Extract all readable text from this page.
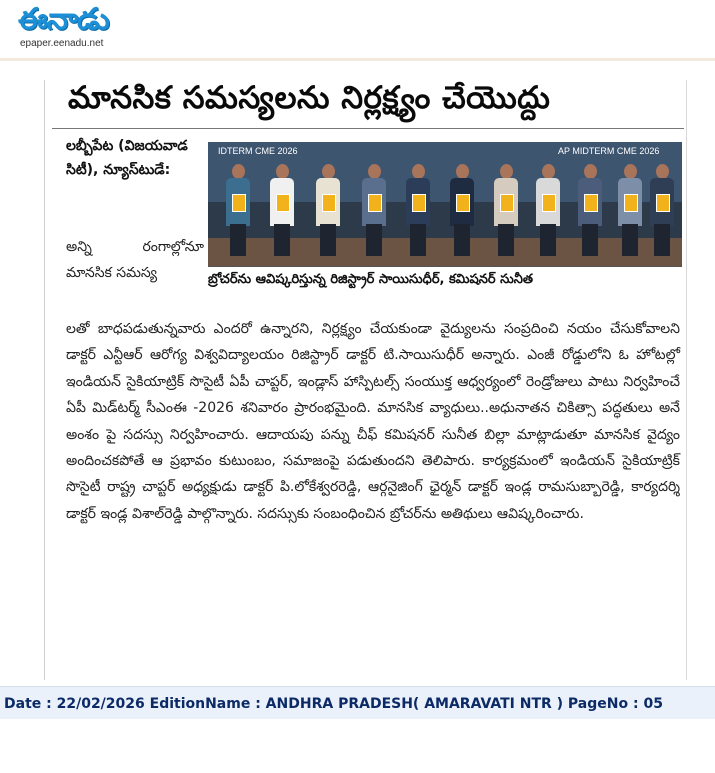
ఈనాడు
epaper.eenadu.net
మానసిక సమస్యలను నిర్లక్ష్యం చేయొద్దు
లబ్బీపేట (విజయవాడ సిటీ), న్యూస్‌టుడే:
అన్ని రంగాల్లోనూ మానసిక సమస్య
IDTERM CME 2026	AP MIDTERM CME 2026
బ్రోచర్‌ను ఆవిష్కరిస్తున్న రిజిస్ట్రార్ సాయిసుధీర్, కమిషనర్ సునీత
లతో బాధపడుతున్నవారు ఎందరో ఉన్నారని, నిర్లక్ష్యం చేయకుండా వైద్యులను సంప్రదించి నయం చేసుకోవాలని డాక్టర్ ఎన్టీఆర్ ఆరోగ్య విశ్వవిద్యాలయం రిజిస్ట్రార్ డాక్టర్ టి.సాయిసుధీర్ అన్నారు. ఎంజీ రోడ్డులోని ఓ హోటల్లో ఇండియన్ సైకియాట్రిక్ సొసైటీ ఏపీ చాప్టర్, ఇండ్లాస్ హాస్పిటల్స్ సంయుక్త ఆధ్వర్యంలో రెండ్రోజులు పాటు నిర్వహించే ఏపీ మిడ్‌టర్మ్ సీఎంఈ -2026 శనివారం ప్రారంభమైంది. మానసిక వ్యాధులు..అధునాతన చికిత్సా పద్ధతులు అనే అంశం పై సదస్సు నిర్వహించారు. ఆదాయపు పన్ను చీఫ్ కమిషనర్ సునీత బిల్లా మాట్లాడుతూ మానసిక వైద్యం అందించకపోతే ఆ ప్రభావం కుటుంబం, సమాజంపై పడుతుందని తెలిపారు. కార్యక్రమంలో ఇండియన్ సైకియాట్రిక్ సొసైటీ రాష్ట్ర చాప్టర్ అధ్యక్షుడు డాక్టర్ పి.లోకేశ్వరరెడ్డి, ఆర్గనైజింగ్ ఛైర్మన్ డాక్టర్ ఇండ్ల రామసుబ్బారెడ్డి, కార్యదర్శి డాక్టర్ ఇండ్ల విశాల్‌రెడ్డి పాల్గొన్నారు. సదస్సుకు సంబంధించిన బ్రోచర్‌ను అతిథులు ఆవిష్కరించారు.
Date : 22/02/2026 EditionName : ANDHRA PRADESH( AMARAVATI NTR ) PageNo : 05
